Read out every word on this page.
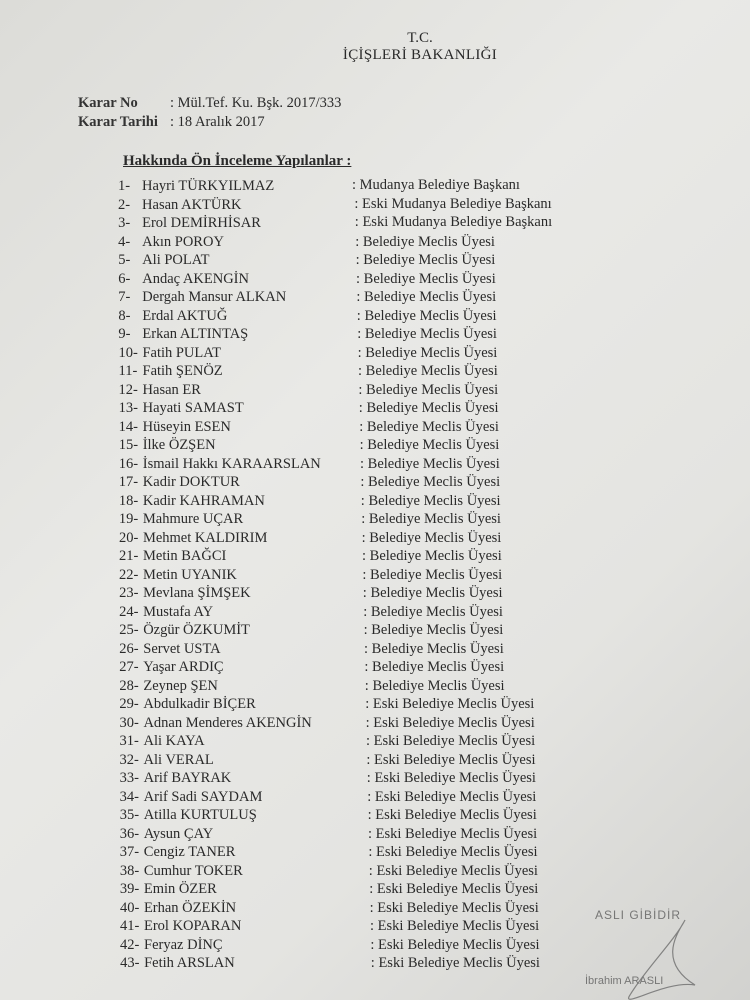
T.C.
İÇİŞLERİ BAKANLIĞI
Karar No : Mül.Tef. Ku. Bşk. 2017/333
Karar Tarihi : 18 Aralık 2017
Hakkında Ön İnceleme Yapılanlar :
1- Hayri TÜRKYILMAZ	: Mudanya Belediye Başkanı
2- Hasan AKTÜRK	: Eski Mudanya Belediye Başkanı
3- Erol DEMİRHİSAR	: Eski Mudanya Belediye Başkanı
4- Akın POROY	: Belediye Meclis Üyesi
5- Ali POLAT	: Belediye Meclis Üyesi
6- Andaç AKENGİN	: Belediye Meclis Üyesi
7- Dergah Mansur ALKAN	: Belediye Meclis Üyesi
8- Erdal AKTUĞ	: Belediye Meclis Üyesi
9- Erkan ALTINTAŞ	: Belediye Meclis Üyesi
10- Fatih PULAT	: Belediye Meclis Üyesi
11- Fatih ŞENÖZ	: Belediye Meclis Üyesi
12- Hasan ER	: Belediye Meclis Üyesi
13- Hayati SAMAST	: Belediye Meclis Üyesi
14- Hüseyin ESEN	: Belediye Meclis Üyesi
15- İlke ÖZŞEN	: Belediye Meclis Üyesi
16- İsmail Hakkı KARAARSLAN	: Belediye Meclis Üyesi
17- Kadir DOKTUR	: Belediye Meclis Üyesi
18- Kadir KAHRAMAN	: Belediye Meclis Üyesi
19- Mahmure UÇAR	: Belediye Meclis Üyesi
20- Mehmet KALDIRIM	: Belediye Meclis Üyesi
21- Metin BAĞCI	: Belediye Meclis Üyesi
22- Metin UYANIK	: Belediye Meclis Üyesi
23- Mevlana ŞİMŞEK	: Belediye Meclis Üyesi
24- Mustafa AY	: Belediye Meclis Üyesi
25- Özgür ÖZKUMİT	: Belediye Meclis Üyesi
26- Servet USTA	: Belediye Meclis Üyesi
27- Yaşar ARDIÇ	: Belediye Meclis Üyesi
28- Zeynep ŞEN	: Belediye Meclis Üyesi
29- Abdulkadir BİÇER	: Eski Belediye Meclis Üyesi
30- Adnan Menderes AKENGİN	: Eski Belediye Meclis Üyesi
31- Ali KAYA	: Eski Belediye Meclis Üyesi
32- Ali VERAL	: Eski Belediye Meclis Üyesi
33- Arif BAYRAK	: Eski Belediye Meclis Üyesi
34- Arif Sadi SAYDAM	: Eski Belediye Meclis Üyesi
35- Atilla KURTULUŞ	: Eski Belediye Meclis Üyesi
36- Aysun ÇAY	: Eski Belediye Meclis Üyesi
37- Cengiz TANER	: Eski Belediye Meclis Üyesi
38- Cumhur TOKER	: Eski Belediye Meclis Üyesi
39- Emin ÖZER	: Eski Belediye Meclis Üyesi
40- Erhan ÖZEKİN	: Eski Belediye Meclis Üyesi
41- Erol KOPARAN	: Eski Belediye Meclis Üyesi
42- Feryaz DİNÇ	: Eski Belediye Meclis Üyesi
43- Fetih ARSLAN	: Eski Belediye Meclis Üyesi
ASLI GİBİDİR
İbrahim ARASLI
